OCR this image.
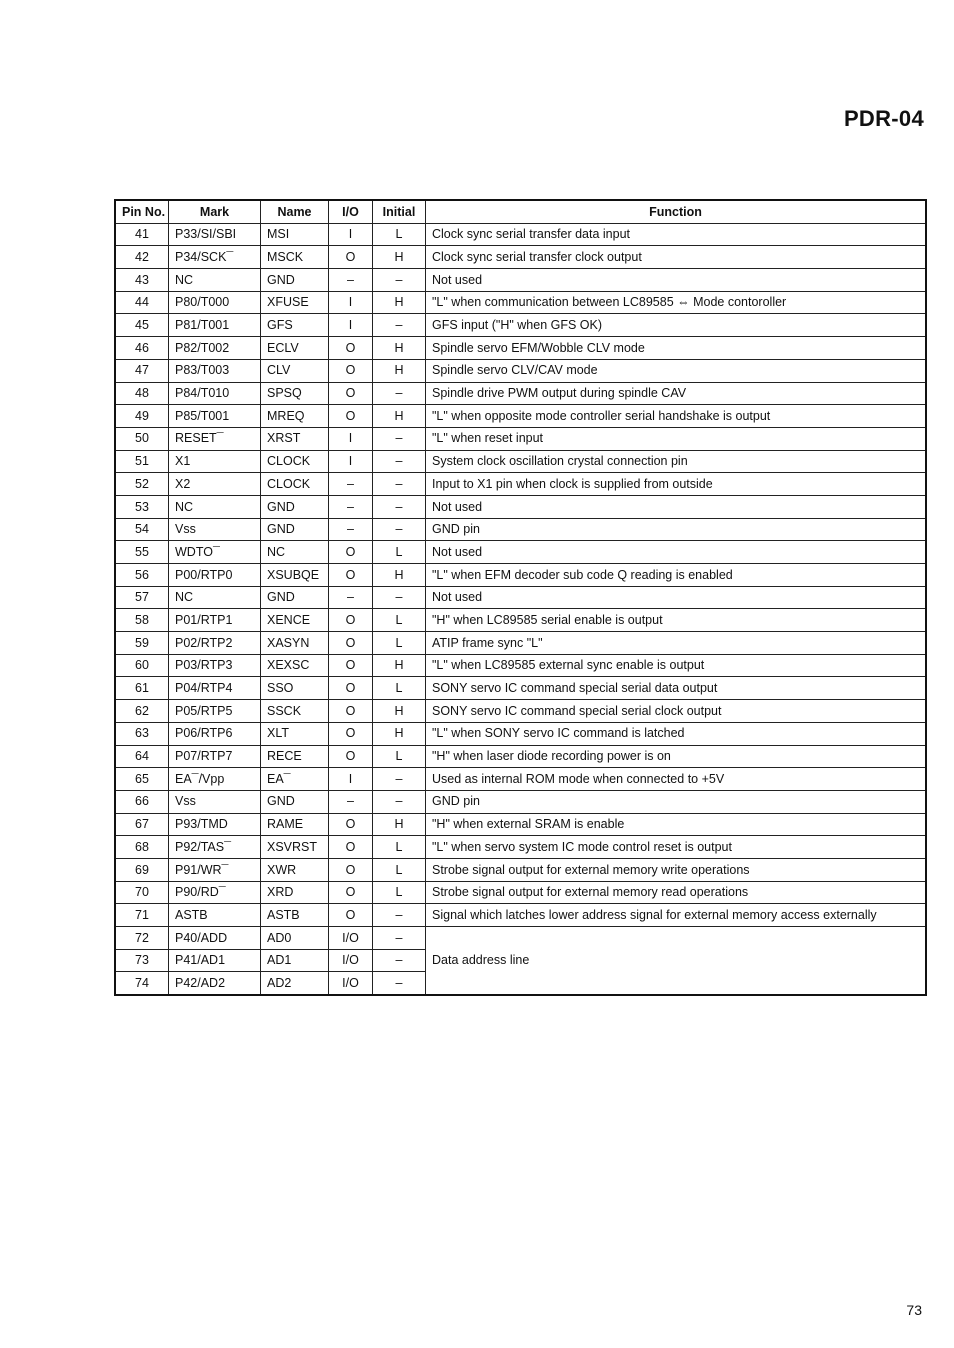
PDR-04
Pin No.	Mark	Name	I/O	Initial	Function
41	P33/SI/SBI	MSI	I	L	Clock sync serial transfer data input
42	P34/SCK¯	MSCK	O	H	Clock sync serial transfer clock output
43	NC	GND	–	–	Not used
44	P80/T000	XFUSE	I	H	"L" when communication between LC89585 ⇔ Mode contoroller
45	P81/T001	GFS	I	–	GFS input ("H" when GFS OK)
46	P82/T002	ECLV	O	H	Spindle servo EFM/Wobble CLV mode
47	P83/T003	CLV	O	H	Spindle servo CLV/CAV mode
48	P84/T010	SPSQ	O	–	Spindle drive PWM output during spindle CAV
49	P85/T001	MREQ	O	H	"L" when opposite mode controller serial handshake is output
50	RESET¯	XRST	I	–	"L" when reset input
51	X1	CLOCK	I	–	System clock oscillation crystal connection pin
52	X2	CLOCK	–	–	Input to X1 pin when clock is supplied from outside
53	NC	GND	–	–	Not used
54	Vss	GND	–	–	GND pin
55	WDTO¯	NC	O	L	Not used
56	P00/RTP0	XSUBQE	O	H	"L" when EFM decoder sub code Q reading is enabled
57	NC	GND	–	–	Not used
58	P01/RTP1	XENCE	O	L	"H" when LC89585 serial enable is output
59	P02/RTP2	XASYN	O	L	ATIP frame sync "L"
60	P03/RTP3	XEXSC	O	H	"L" when LC89585 external sync enable is output
61	P04/RTP4	SSO	O	L	SONY servo IC command special serial data output
62	P05/RTP5	SSCK	O	H	SONY servo IC command special serial clock output
63	P06/RTP6	XLT	O	H	"L" when SONY servo IC command is latched
64	P07/RTP7	RECE	O	L	"H" when laser diode recording power is on
65	EA¯/Vpp	EA¯	I	–	Used as internal ROM mode when connected to +5V
66	Vss	GND	–	–	GND pin
67	P93/TMD	RAME	O	H	"H" when external SRAM is enable
68	P92/TAS¯	XSVRST	O	L	"L" when servo system IC mode control reset is output
69	P91/WR¯	XWR	O	L	Strobe signal output for external memory write operations
70	P90/RD¯	XRD	O	L	Strobe signal output for external memory read operations
71	ASTB	ASTB	O	–	Signal which latches lower address signal for external memory access externally
72	P40/ADD	AD0	I/O	–	Data address line
73	P41/AD1	AD1	I/O	–	
74	P42/AD2	AD2	I/O	–	
73
